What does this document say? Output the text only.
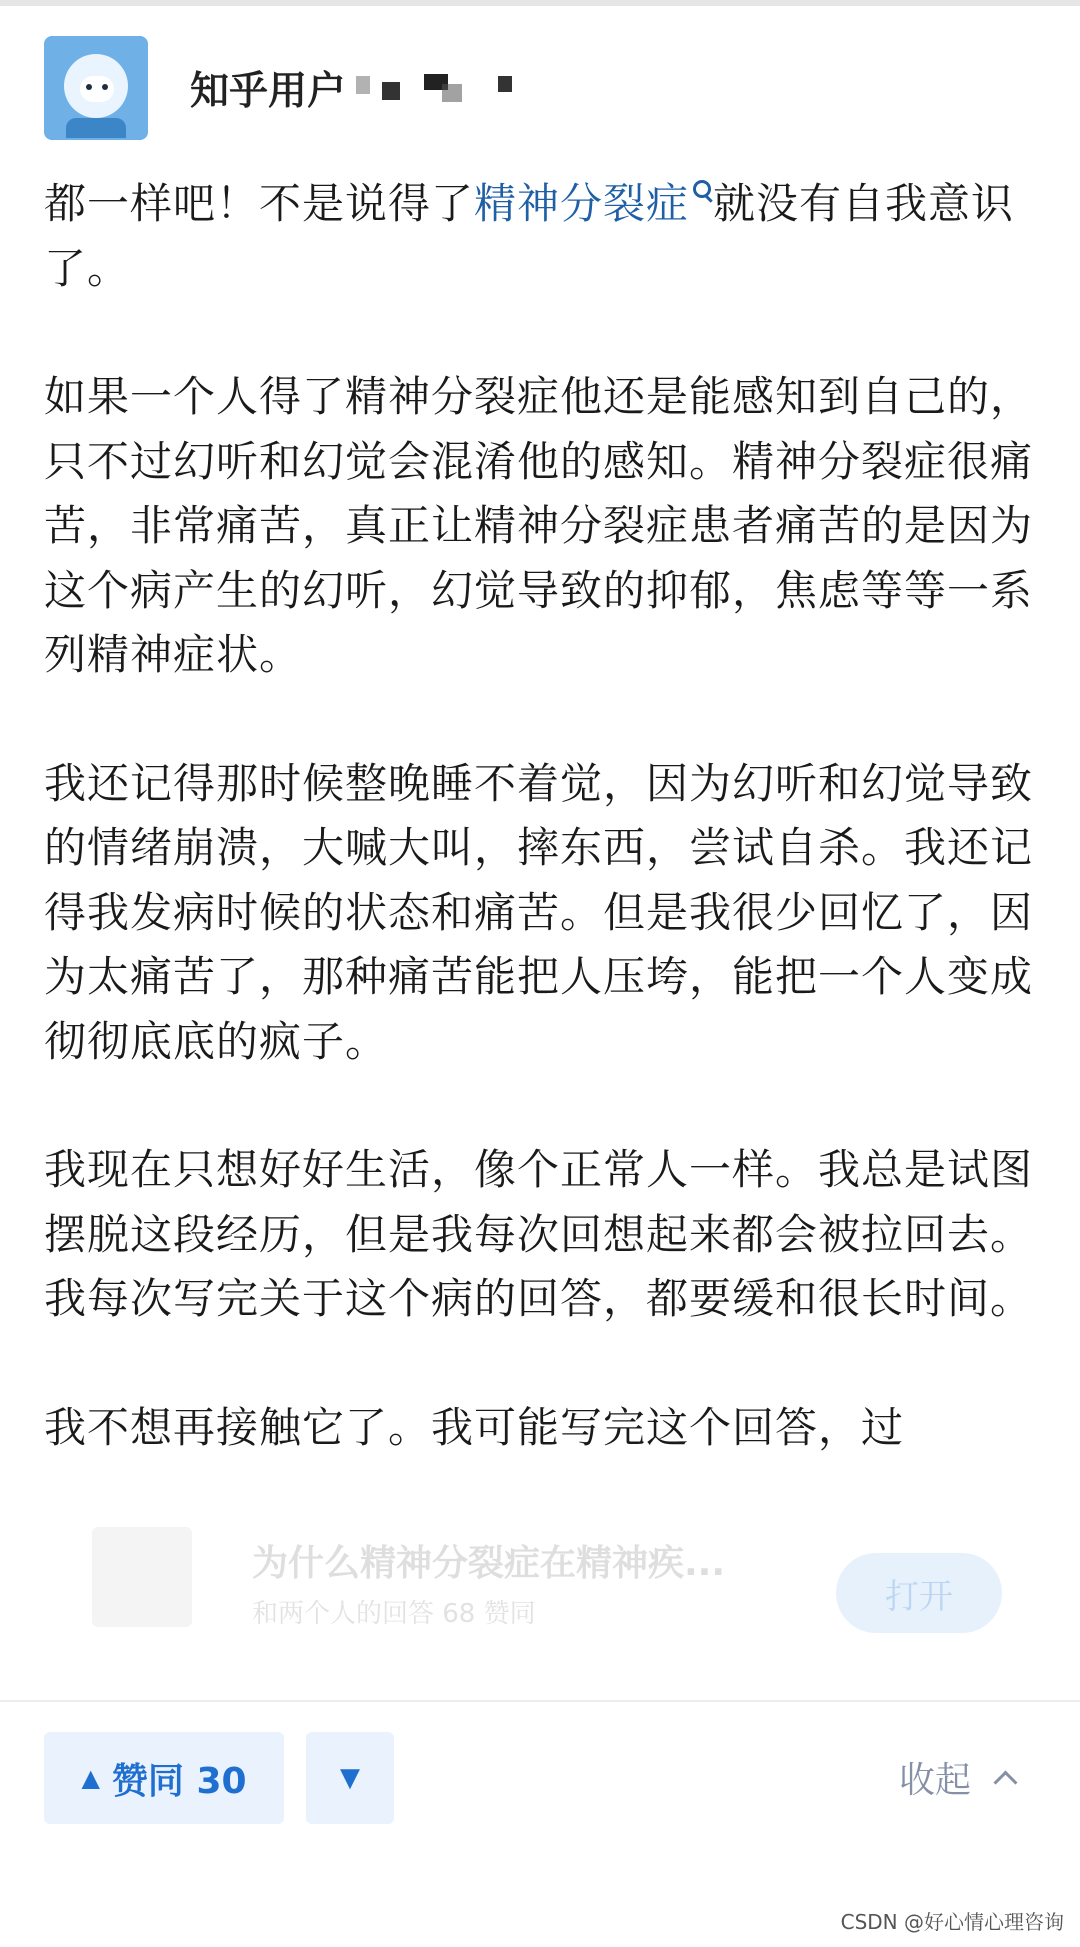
知乎用户

都一样吧！不是说得了精神分裂症 就没有自我意识了。

如果一个人得了精神分裂症他还是能感知到自己的，只不过幻听和幻觉会混淆他的感知。精神分裂症很痛苦，非常痛苦，真正让精神分裂症患者痛苦的是因为这个病产生的幻听，幻觉导致的抑郁，焦虑等等一系列精神症状。

我还记得那时候整晚睡不着觉，因为幻听和幻觉导致的情绪崩溃，大喊大叫，摔东西，尝试自杀。我还记得我发病时候的状态和痛苦。但是我很少回忆了，因为太痛苦了，那种痛苦能把人压垮，能把一个人变成彻彻底底的疯子。

我现在只想好好生活，像个正常人一样。我总是试图摆脱这段经历，但是我每次回想起来都会被拉回去。我每次写完关于这个病的回答，都要缓和很长时间。

我不想再接触它了。我可能写完这个回答，过

为什么精神分裂症在精神疾...
和两个人的回答 68 赞同	打开
▲ 赞同 30	▼	收起
CSDN @好心情心理咨询
